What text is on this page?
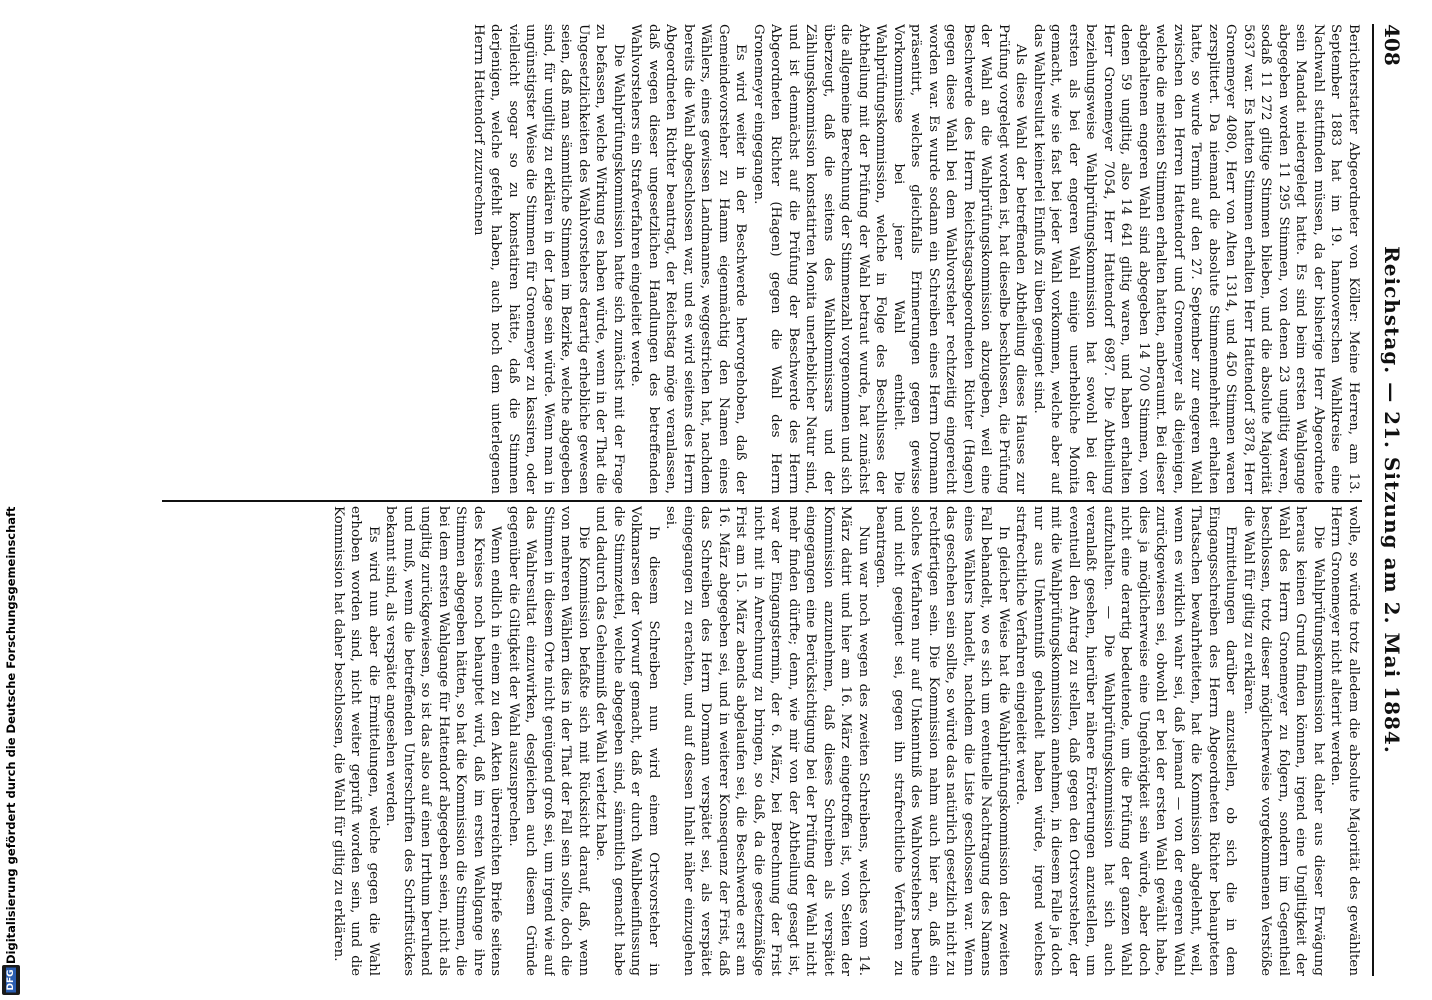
408
Reichstag. — 21. Sitzung am 2. Mai 1884.

Berichterstatter Abgeordneter von Köller: Meine Herren, am 13. September 1883 hat im 19. hannoverschen Wahlkreise eine Nachwahl stattfinden müssen, da der bisherige Herr Abgeordnete sein Mandat niedergelegt hatte. Es sind beim ersten Wahlgange abgegeben worden 11 295 Stimmen, von denen 23 ungiltig waren, sodaß 11 272 giltige Stimmen blieben, und die absolute Majorität 5637 war. Es hatten Stimmen erhalten Herr Hattendorf 3878, Herr Gronemeyer 4080, Herr von Alten 1314, und 450 Stimmen waren zersplittert. Da niemand die absolute Stimmenmehrheit erhalten hatte, so wurde Termin auf den 27. September zur engeren Wahl zwischen den Herren Hattendorf und Gronemeyer als diejenigen, welche die meisten Stimmen erhalten hatten, anberaumt. Bei dieser abgehaltenen engeren Wahl sind abgegeben 14 700 Stimmen, von denen 59 ungiltig, also 14 641 giltig waren, und haben erhalten Herr Gronemeyer 7054, Herr Hattendorf 6987. Die Abtheilung beziehungsweise Wahlprüfungskommission hat sowohl bei der ersten als bei der engeren Wahl einige unerhebliche Monita gemacht, wie sie fast bei jeder Wahl vorkommen, welche aber auf das Wahlresultat keinerlei Einfluß zu üben geeignet sind.

Als diese Wahl der betreffenden Abtheilung dieses Hauses zur Prüfung vorgelegt worden ist, hat dieselbe beschlossen, die Prüfung der Wahl an die Wahlprüfungskommission abzugeben, weil eine Beschwerde des Herrn Reichstagsabgeordneten Richter (Hagen) gegen diese Wahl bei dem Wahlvorsteher rechtzeitig eingereicht worden war. Es wurde sodann ein Schreiben eines Herrn Dormann präsentirt, welches gleichfalls Erinnerungen gegen gewisse Vorkommnisse bei jener Wahl enthielt. Die Wahlprüfungskommission, welche in Folge des Beschlusses der Abtheilung mit der Prüfung der Wahl betraut wurde, hat zunächst die allgemeine Berechnung der Stimmenzahl vorgenommen und sich überzeugt, daß die seitens des Wahlkommissars und der Zählungskommission konstatirten Monita unerheblicher Natur sind, und ist demnächst auf die Prüfung der Beschwerde des Herrn Abgeordneten Richter (Hagen) gegen die Wahl des Herrn Gronemeyer eingegangen.

Es wird weiter in der Beschwerde hervorgehoben, daß der Gemeindevorsteher zu Hamm eigenmächtig den Namen eines Wählers, eines gewissen Landmannes, weggestrichen hat, nachdem bereits die Wahl abgeschlossen war, und es wird seitens des Herrn Abgeordneten Richter beantragt, der Reichstag möge veranlassen, daß wegen dieser ungesetzlichen Handlungen des betreffenden Wahlvorstehers ein Strafverfahren eingeleitet werde.

Die Wahlprüfungskommission hatte sich zunächst mit der Frage zu befassen, welche Wirkung es haben würde, wenn in der That die Ungesetzlichkeiten des Wahlvorstehers derartig erhebliche gewesen seien, daß man sämmtliche Stimmen im Bezirke, welche abgegeben sind, für ungiltig zu erklären in der Lage sein würde. Wenn man in ungünstigster Weise die Stimmen für Gronemeyer zu kassiren, oder vielleicht sogar so zu konstatiren hätte, daß die Stimmen derjenigen, welche gefehlt haben, auch noch dem unterlegenen Herrn Hattendorf zuzurechnen

wolle, so würde trotz alledem die absolute Majorität des gewählten Herrn Gronemeyer nicht alterirt werden.

Die Wahlprüfungskommission hat daher aus dieser Erwägung heraus keinen Grund finden können, irgend eine Ungiltigkeit der Wahl des Herrn Gronemeyer zu folgern, sondern im Gegentheil beschlossen, trotz dieser möglicherweise vorgekommenen Verstöße die Wahl für giltig zu erklären.

Ermittelungen darüber anzustellen, ob sich die in dem Eingangsschreiben des Herrn Abgeordneten Richter behaupteten Thatsachen bewahrheiteten, hat die Kommission abgelehnt, weil, wenn es wirklich wahr sei, daß jemand — von der engeren Wahl zurückgewiesen sei, obwohl er bei der ersten Wahl gewählt habe, dies ja möglicherweise eine Ungehörigkeit sein würde, aber doch nicht eine derartig bedeutende, um die Prüfung der ganzen Wahl aufzuhalten. — Die Wahlprüfungskommission hat sich auch veranlaßt gesehen, hierüber nähere Erörterungen anzustellen, um eventuell den Antrag zu stellen, daß gegen den Ortsvorsteher, der mit die Wahlprüfungskommission annehmen, in diesem Falle ja doch nur aus Unkenntniß gehandelt haben würde, irgend welches strafrechtliche Verfahren eingeleitet werde.

In gleicher Weise hat die Wahlprüfungskommission den zweiten Fall behandelt, wo es sich um eventuelle Nachtragung des Namens eines Wählers handelt, nachdem die Liste geschlossen war. Wenn das geschehen sein sollte, so würde das natürlich gesetzlich nicht zu rechtfertigen sein. Die Kommission nahm auch hier an, daß ein solches Verfahren nur auf Unkenntniß des Wahlvorstehers beruhe und nicht geeignet sei, gegen ihn strafrechtliche Verfahren zu beantragen.

Nun war noch wegen des zweiten Schreibens, welches vom 14. März datirt und hier am 16. März eingetroffen ist, von Seiten der Kommission anzunehmen, daß dieses Schreiben als verspätet eingegangen eine Berücksichtigung bei der Prüfung der Wahl nicht mehr finden dürfte; denn, wie mir von der Abtheilung gesagt ist, war der Eingangstermin, der 6. März, bei Berechnung der Frist nicht mit in Anrechnung zu bringen, so daß, da die gesetzmäßige Frist am 15. März abends abgelaufen sei, die Beschwerde erst am 16. März abgegeben sei, und in weiterer Konsequenz der Frist, daß das Schreiben des Herrn Dormann verspätet sei, als verspätet eingegangen zu erachten, und auf dessen Inhalt näher einzugehen sei.

In diesem Schreiben nun wird einem Ortsvorsteher in Volkmarsen der Vorwurf gemacht, daß er durch Wahlbeeinflussung die Stimmzettel, welche abgegeben sind, sämmtlich gemacht habe und dadurch das Geheimniß der Wahl verletzt habe.

Die Kommission befaßte sich mit Rücksicht darauf, daß, wenn von mehreren Wählern dies in der That der Fall sein sollte, doch die Stimmen in diesem Orte nicht genügend groß sei, um irgend wie auf das Wahlresultat einzuwirken, desgleichen auch diesem Gründe gegenüber die Giltigkeit der Wahl auszusprechen.

Wenn endlich in einem zu den Akten überreichten Briefe seitens des Kreises noch behauptet wird, daß im ersten Wahlgange ihre Stimmen abgegeben hätten, so hat die Kommission die Stimmen, die bei dem ersten Wahlgange für Hattendorf abgegeben seien, nicht als ungiltig zurückgewiesen, so ist das also auf einen Irrthum beruhend und muß, wenn die betreffenden Unterschriften des Schriftstückes bekannt sind, als verspätet angesehen werden.

Es wird nun aber die Ermittelungen, welche gegen die Wahl erhoben worden sind, nicht weiter geprüft worden sein, und die Kommission hat daher beschlossen, die Wahl für giltig zu erklären.

Digitalisierung gefördert durch die Deutsche Forschungsgemeinschaft
DFG
